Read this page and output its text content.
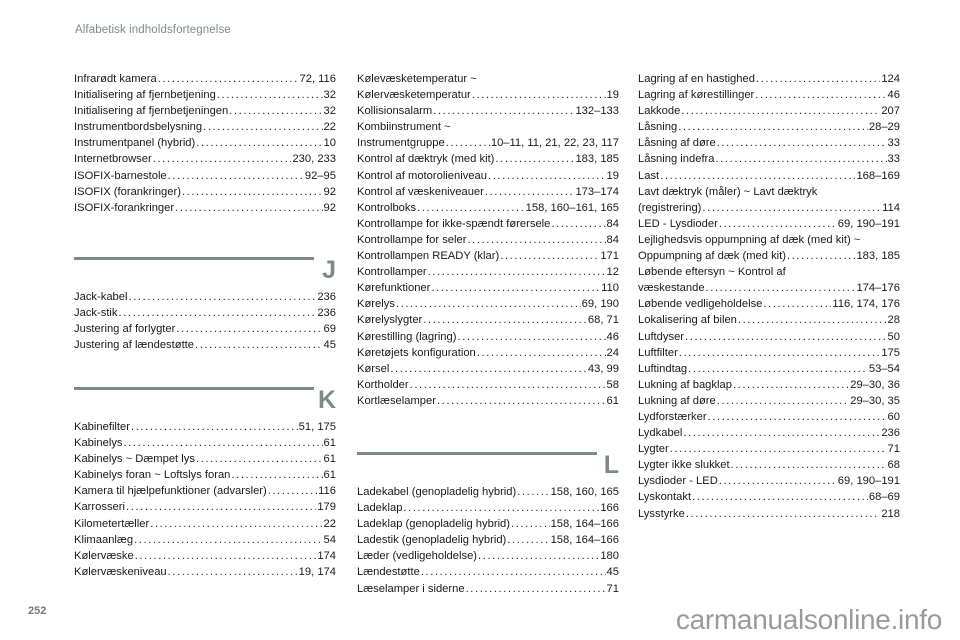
Alfabetisk indholdsfortegnelse
Infrarødt kamera .....	72, 116
Initialisering af fjernbetjening .....	32
Initialisering af fjernbetjeningen .....	32
Instrumentbordsbelysning .....	22
Instrumentpanel (hybrid) .....	10
Internetbrowser .....	230, 233
ISOFIX-barnestole .....	92–95
ISOFIX (forankringer) .....	92
ISOFIX-forankringer .....	92
J
Jack-kabel .....	236
Jack-stik .....	236
Justering af forlygter .....	69
Justering af lændestøtte .....	45
K
Kabinefilter .....	51, 175
Kabinelys .....	61
Kabinelys ~ Dæmpet lys .....	61
Kabinelys foran ~ Loftslys foran .....	61
Kamera til hjælpefunktioner (advarsler) .....	116
Karrosseri .....	179
Kilometertæller .....	22
Klimaanlæg .....	54
Kølervæske .....	174
Kølervæskeniveau .....	19, 174
Kølevæsketemperatur ~
Kølervæsketemperatur .....	19
Kollisionsalarm .....	132–133
Kombiinstrument ~
Instrumentgruppe .....	10–11, 11, 21, 22, 23, 117
Kontrol af dæktryk (med kit) .....	183, 185
Kontrol af motorolieniveau .....	19
Kontrol af væskeniveauer .....	173–174
Kontrolboks .....	158, 160–161, 165
Kontrollampe for ikke-spændt førersele .....	84
Kontrollampe for seler .....	84
Kontrollampen READY (klar) .....	171
Kontrollamper .....	12
Kørefunktioner .....	110
Kørelys .....	69, 190
Kørelyslygter .....	68, 71
Kørestilling (lagring) .....	46
Køretøjets konfiguration .....	24
Kørsel .....	43, 99
Kortholder .....	58
Kortlæselamper .....	61
L
Ladekabel (genopladelig hybrid) .....	158, 160, 165
Ladeklap .....	166
Ladeklap (genopladelig hybrid) .....	158, 164–166
Ladestik (genopladelig hybrid) .....	158, 164–166
Læder (vedligeholdelse) .....	180
Lændestøtte .....	45
Læselamper i siderne .....	71
Lagring af en hastighed .....	124
Lagring af kørestillinger .....	46
Lakkode .....	207
Låsning .....	28–29
Låsning af døre .....	33
Låsning indefra .....	33
Last .....	168–169
Lavt dæktryk (måler) ~ Lavt dæktryk
(registrering) .....	114
LED - Lysdioder .....	69, 190–191
Lejlighedsvis oppumpning af dæk (med kit) ~
Oppumpning af dæk (med kit) .....	183, 185
Løbende eftersyn ~ Kontrol af
væskestande .....	174–176
Løbende vedligeholdelse .....	116, 174, 176
Lokalisering af bilen .....	28
Luftdyser .....	50
Luftfilter .....	175
Luftindtag .....	53–54
Lukning af bagklap .....	29–30, 36
Lukning af døre .....	29–30, 35
Lydforstærker .....	60
Lydkabel .....	236
Lygter .....	71
Lygter ikke slukket .....	68
Lysdioder - LED .....	69, 190–191
Lyskontakt .....	68–69
Lysstyrke .....	218
252	carmanualsonline.info
